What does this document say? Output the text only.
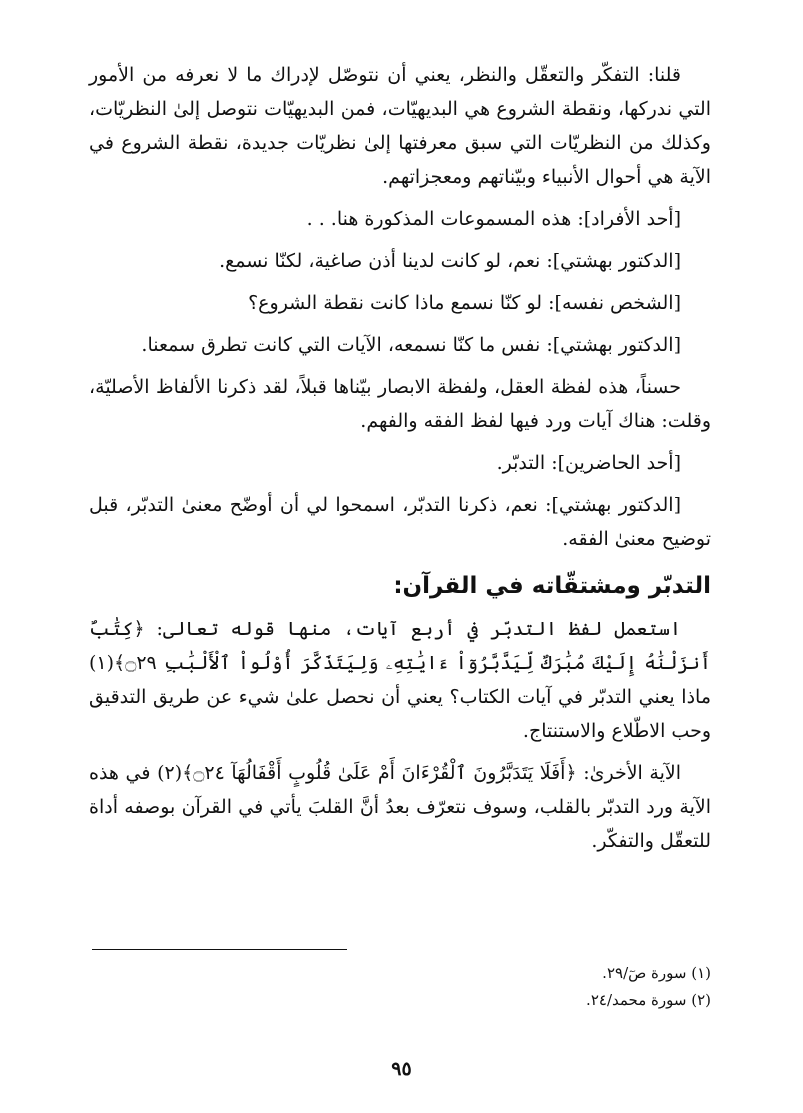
قلنا: التفكّر والتعقّل والنظر، يعني أن نتوصّل لإدراك ما لا نعرفه من الأمور التي ندركها، ونقطة الشروع هي البديهيّات، فمن البديهيّات نتوصل إلىٰ النظريّات، وكذلك من النظريّات التي سبق معرفتها إلىٰ نظريّات جديدة، نقطة الشروع في الآية هي أحوال الأنبياء وبيّناتهم ومعجزاتهم.

[أحد الأفراد]: هذه المسموعات المذكورة هنا. . .

[الدكتور بهشتي]: نعم، لو كانت لدينا أذن صاغية، لكنّا نسمع.

[الشخص نفسه]: لو كنّا نسمع ماذا كانت نقطة الشروع؟

[الدكتور بهشتي]: نفس ما كنّا نسمعه، الآيات التي كانت تطرق سمعنا.

حسناً، هذه لفظة العقل، ولفظة الابصار بيّناها قبلاً، لقد ذكرنا الألفاظ الأصليّة، وقلت: هناك آيات ورد فيها لفظ الفقه والفهم.

[أحد الحاضرين]: التدبّر.

[الدكتور بهشتي]: نعم، ذكرنا التدبّر، اسمحوا لي أن أوضّح معنىٰ التدبّر، قبل توضيح معنىٰ الفقه.

التدبّر ومشتقّاته في القرآن:

استعمل لفظ التدبّر في أربع آيات، منها قوله تعالى: ﴿كِتَٰبٌ أَنزَلْنَٰهُ إِلَيْكَ مُبَٰرَكٌ لِّيَدَّبَّرُوٓاْ ءَايَٰتِهِۦ وَلِيَتَذَكَّرَ أُوْلُواْ ٱلْأَلْبَٰبِ ۝٢٩﴾(١) ماذا يعني التدبّر في آيات الكتاب؟ يعني أن نحصل علىٰ شيء عن طريق التدقيق وحب الاطّلاع والاستنتاج.

الآية الأخرىٰ: ﴿أَفَلَا يَتَدَبَّرُونَ ٱلْقُرْءَانَ أَمْ عَلَىٰ قُلُوبٍ أَقْفَالُهَآ ۝٢٤﴾(٢) في هذه الآية ورد التدبّر بالقلب، وسوف نتعرّف بعدُ أنَّ القلبَ يأتي في القرآن بوصفه أداة للتعقّل والتفكّر.

(١) سورة صٓ/٢٩.
(٢) سورة محمد/٢٤.
٩٥
